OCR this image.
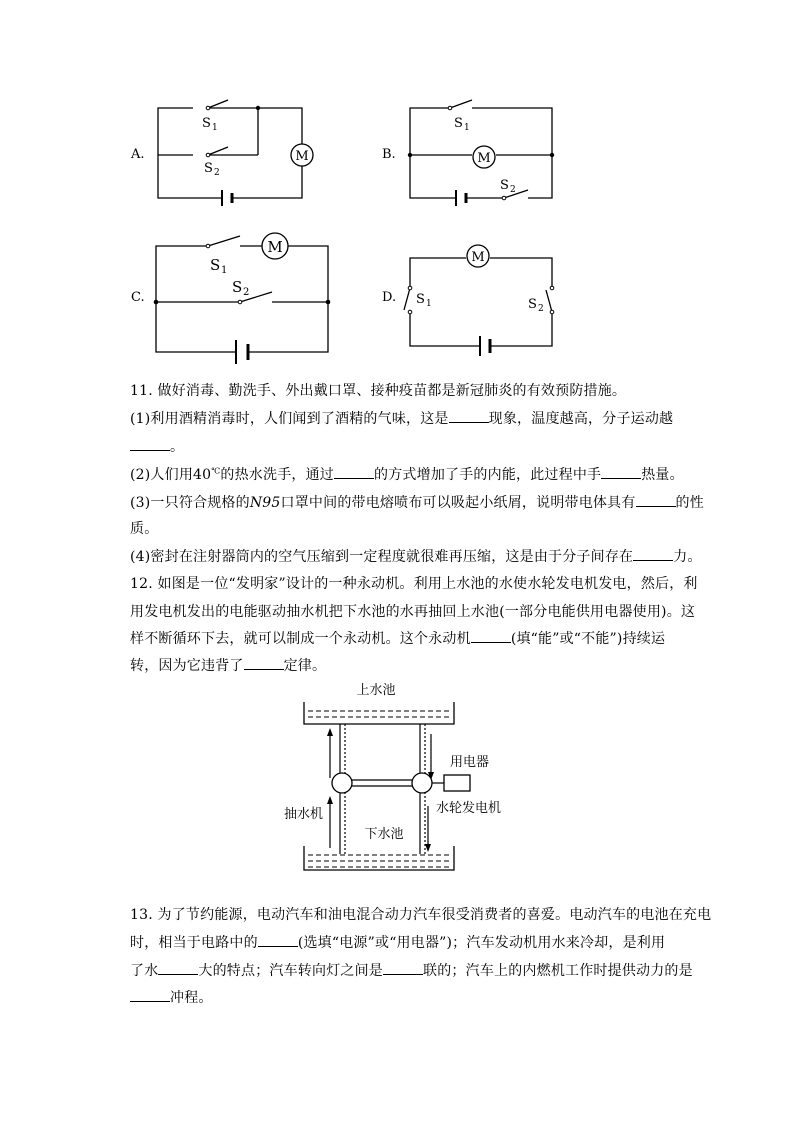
A.	M
S 1
S 2
B.	M
S 1
S 2
C.
M
S 1
S 2	D.
M
S 1	S 2
11. 做好消毒、勤洗手、外出戴口罩、接种疫苗都是新冠肺炎的有效预防措施。
(1)利用酒精消毒时，人们闻到了酒精的气味，这是	现象，温度越高，分子运动越
。
(2)人们用40℃的热水洗手，通过	的方式增加了手的内能，此过程中手	热量。
(3)一只符合规格的N95口罩中间的带电熔喷布可以吸起小纸屑，说明带电体具有	的性
质。
(4)密封在注射器筒内的空气压缩到一定程度就很难再压缩，这是由于分子间存在	力。
12. 如图是一位“发明家”设计的一种永动机。利用上水池的水使水轮发电机发电，然后，利
用发电机发出的电能驱动抽水机把下水池的水再抽回上水池(一部分电能供用电器使用)。这
样不断循环下去，就可以制成一个永动机。这个永动机	(填“能”或“不能”)持续运
转，因为它违背了	定律。
上水池
用电器
抽水机	水轮发电机
下水池
13. 为了节约能源，电动汽车和油电混合动力汽车很受消费者的喜爱。电动汽车的电池在充电
时，相当于电路中的	(选填“电源”或“用电器”)；汽车发动机用水来冷却，是利用
了水	大的特点；汽车转向灯之间是	联的；汽车上的内燃机工作时提供动力的是
冲程。
